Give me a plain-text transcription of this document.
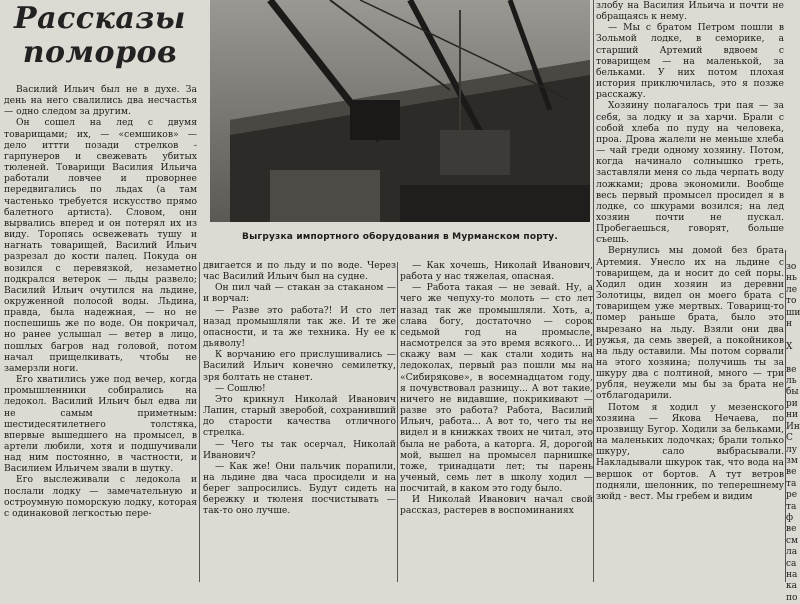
Рассказы
поморов
Выгрузка импортного оборудования в Мурманском порту.

Василий Ильич был не в духе. За день на него свалились два несчастья — одно следом за другим.

Он сошел на лед с двумя товарищами; их, — «семшиков» — делo иттти позади стрелков - гарпунеров и свежевать убитых тюленей. Товарищи Василия Ильича работали ловчее и проворнее передвигались по льдах (а там частенько требуется искусство прямо балетного артиста). Словом, они вырвались вперед и он потерял их из виду. Торопясь освежевать тушу и нагнать товарищей, Василий Ильич разрезал до кости палец. Покуда он возился с перевязкой, незаметно подкрался ветерок — льды развело; Василий Ильич очутился на льдине, окруженной полосой воды. Льдина, правда, была надежная, — но не поспешишь же по воде. Он покричал, но ранее услышал — ветер в лицо, пошлых багров над головой, потом начал прищелкивать, чтобы не замерзли ноги.

Его хватились уже под вечер, когда промышленники собирались на ледокол. Василий Ильич был едва ли не самым приметным: шестидесятилетнего толстяка, впервые вышедшего на промысел, в артели любили, хотя и подшучивали над ним постоянно, в частности, и Василием Ильичем звали в шутку.

Его выслеживали с ледокола и послали лодку — замечательную и остроумную поморскую лодку, которая с одинаковой легкостью пере-

двигается и по льду и по воде. Через час Василий Ильич был на судне.

Он пил чай — стакан за стаканом — и ворчал:

— Разве это работа?! И сто лет назад промышляли так же. И те же опасности, и та же техника. Ну ее к дьяволу!

К ворчанию его прислушивались — Василий Ильич конечно семилетку, зря болтать не станет.

— Сошлю!

Это крикнул Николай Иванович Лапин, старый зверобой, сохранивший до старости качества отличного стрелка.

— Чего ты так осерчал, Николай Иванович?

— Как же! Они пальчик порапили, на льдине два часа просидели и на берег запросились. Будут сидеть на бережку и тюленя посчистывать — так-то оно лучше.

— Как хочешь, Николай Иванович, работа у нас тяжелая, опасная.

— Работа такая — не зевай. Ну, а чего же чепуху-то молоть — сто лет назад так же промышляли. Хоть, а, слава богу, достаточно — сорок седьмой год на промысле, насмотрелся за это время всякого... И скажу вам — как стали ходить на ледоколах, первый раз пошли мы на «Сибирякове», в восемнадцатом году, я почувствовал разницу... А вот такие, ничего не видавшие, покрикивают — разве это работа? Работа, Василий Ильич, работа... А вот то, чего ты не видел и в книжках твоих не читал, это была не работа, а каторга. Я, дорогой мой, вышел на промысел парнишке тоже, тринадцати лет; ты парень ученый, семь лет в школу ходил — посчитай, в каком это году было.

И Николай Иванович начал свой рассказ, растерев в воспоминаниях

злобу на Василия Ильича и почти не обращаясь к нему.

— Мы с братом Петром пошли в Зольмой лодке, в семорике, а старший Артемий вдвоем с товарищем — на маленькой, за бельками. У них потом плохая история приключилась, это я позже расскажу.

Хозяину полагалось три пая — за себя, за лодку и за харчи. Брали с собой хлеба по пуду на человека, проа. Дрова жалели не меньше хлеба — чай греди одному хозяину. Потом, когда начинало солнышко греть, заставляли меня со льда черпать воду ложками; дрова экономили. Вообще весь первый промысел просидел я в лодке, со шкурами возился; на лед хозяин почти не пускал. Пробегаешься, говорят, больше съешь.

Вернулись мы домой без брата Артемия. Унесло их на льдине с товарищем, да и носит до сей поры. Ходил один хозяин из деревни Золотицы, видел он моего брата с товарищем уже мертвых. Товарищ-то помер раньше брата, было это вырезано на льду. Взяли они два ружья, да семь зверей, а покойников на льду оставили. Мы потом сорвали на этого хозяина; получишь ты за шкуру два с полтиной, много — три рубля, неужели мы бы за брата не отблагодарили.

Потом я ходил у мезенского хозяина — Якова Нечаева, по прозвищу Бугор. Ходили за бельками, на маленьких лодочках; брали только шкуру, сало выбрасывали. Накладывали шкурок так, что вода на вершок от бортов. А тут ветров подняли, шелонник, по теперешнему зюйд - вест. Мы гребем и видим

зо
нь
ле
то
ши
н

Х

ве
ль
бы
ри
ни
Ин
С
лу
зм
ве
та
ре
та
ф
ве
см
ла
са
на
ка
по
